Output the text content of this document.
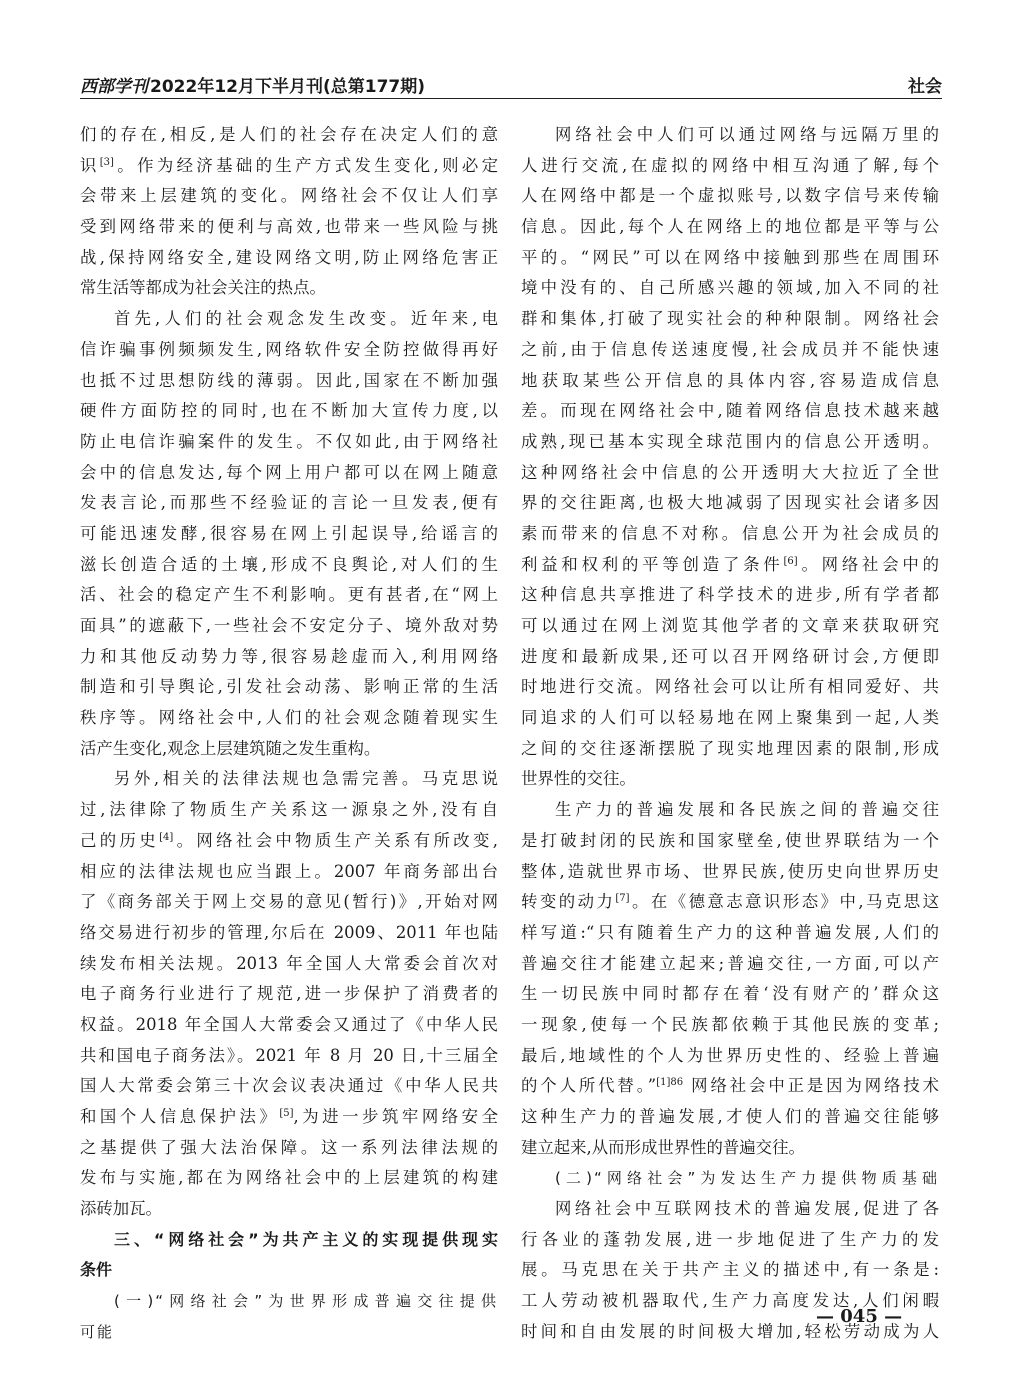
西部学刊 2022年12月下半月刊(总第177期)	社会
们的存在,相反,是人们的社会存在决定人们的意
识[3]。作为经济基础的生产方式发生变化,则必定
会带来上层建筑的变化。网络社会不仅让人们享
受到网络带来的便利与高效,也带来一些风险与挑
战,保持网络安全,建设网络文明,防止网络危害正
常生活等都成为社会关注的热点。
首先,人们的社会观念发生改变。近年来,电
信诈骗事例频频发生,网络软件安全防控做得再好
也抵不过思想防线的薄弱。因此,国家在不断加强
硬件方面防控的同时,也在不断加大宣传力度,以
防止电信诈骗案件的发生。不仅如此,由于网络社
会中的信息发达,每个网上用户都可以在网上随意
发表言论,而那些不经验证的言论一旦发表,便有
可能迅速发酵,很容易在网上引起误导,给谣言的
滋长创造合适的土壤,形成不良舆论,对人们的生
活、社会的稳定产生不利影响。更有甚者,在“网上
面具”的遮蔽下,一些社会不安定分子、境外敌对势
力和其他反动势力等,很容易趁虚而入,利用网络
制造和引导舆论,引发社会动荡、影响正常的生活
秩序等。网络社会中,人们的社会观念随着现实生
活产生变化,观念上层建筑随之发生重构。
另外,相关的法律法规也急需完善。马克思说
过,法律除了物质生产关系这一源泉之外,没有自
己的历史[4]。网络社会中物质生产关系有所改变,
相应的法律法规也应当跟上。2007 年商务部出台
了《商务部关于网上交易的意见(暂行)》,开始对网
络交易进行初步的管理,尔后在 2009、2011 年也陆
续发布相关法规。2013 年全国人大常委会首次对
电子商务行业进行了规范,进一步保护了消费者的
权益。2018 年全国人大常委会又通过了《中华人民
共和国电子商务法》。2021 年 8 月 20 日,十三届全
国人大常委会第三十次会议表决通过《中华人民共
和国个人信息保护法》[5],为进一步筑牢网络安全
之基提供了强大法治保障。这一系列法律法规的
发布与实施,都在为网络社会中的上层建筑的构建
添砖加瓦。
三、“网络社会”为共产主义的实现提供现实
条件
(一)“网络社会”为世界形成普遍交往提供
可能
网络社会中人们可以通过网络与远隔万里的
人进行交流,在虚拟的网络中相互沟通了解,每个
人在网络中都是一个虚拟账号,以数字信号来传输
信息。因此,每个人在网络上的地位都是平等与公
平的。“网民”可以在网络中接触到那些在周围环
境中没有的、自己所感兴趣的领域,加入不同的社
群和集体,打破了现实社会的种种限制。网络社会
之前,由于信息传送速度慢,社会成员并不能快速
地获取某些公开信息的具体内容,容易造成信息
差。而现在网络社会中,随着网络信息技术越来越
成熟,现已基本实现全球范围内的信息公开透明。
这种网络社会中信息的公开透明大大拉近了全世
界的交往距离,也极大地减弱了因现实社会诸多因
素而带来的信息不对称。信息公开为社会成员的
利益和权利的平等创造了条件[6]。网络社会中的
这种信息共享推进了科学技术的进步,所有学者都
可以通过在网上浏览其他学者的文章来获取研究
进度和最新成果,还可以召开网络研讨会,方便即
时地进行交流。网络社会可以让所有相同爱好、共
同追求的人们可以轻易地在网上聚集到一起,人类
之间的交往逐渐摆脱了现实地理因素的限制,形成
世界性的交往。
生产力的普遍发展和各民族之间的普遍交往
是打破封闭的民族和国家壁垒,使世界联结为一个
整体,造就世界市场、世界民族,使历史向世界历史
转变的动力[7]。在《德意志意识形态》中,马克思这
样写道:“只有随着生产力的这种普遍发展,人们的
普遍交往才能建立起来;普遍交往,一方面,可以产
生一切民族中同时都存在着‘没有财产的’群众这
一现象,使每一个民族都依赖于其他民族的变革;
最后,地域性的个人为世界历史性的、经验上普遍
的个人所代替。”$^{[1]86}$ 网络社会中正是因为网络技术
这种生产力的普遍发展,才使人们的普遍交往能够
建立起来,从而形成世界性的普遍交往。
(二)“网络社会”为发达生产力提供物质基础
网络社会中互联网技术的普遍发展,促进了各
行各业的蓬勃发展,进一步地促进了生产力的发
展。马克思在关于共产主义的描述中,有一条是:
工人劳动被机器取代,生产力高度发达,人们闲暇
时间和自由发展的时间极大增加,轻松劳动成为人
— 045 —
